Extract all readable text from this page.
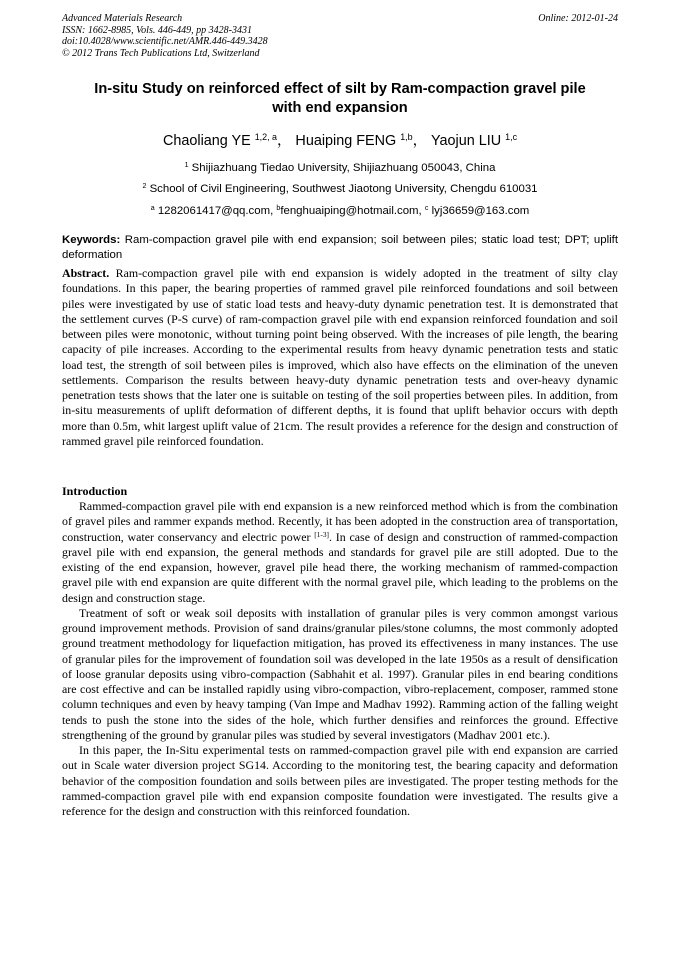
Advanced Materials Research
ISSN: 1662-8985, Vols. 446-449, pp 3428-3431
doi:10.4028/www.scientific.net/AMR.446-449.3428
© 2012 Trans Tech Publications Ltd, Switzerland
Online: 2012-01-24
In-situ Study on reinforced effect of silt by Ram-compaction gravel pile
with end expansion
Chaoliang YE $^{1,2, a}$， Huaiping FENG $^{1,b}$， Yaojun LIU $^{1,c}$
$^1$ Shijiazhuang Tiedao University, Shijiazhuang 050043, China
$^2$ School of Civil Engineering, Southwest Jiaotong University, Chengdu 610031
$^a$ 1282061417@qq.com, $^b$fenghuaiping@hotmail.com, $^c$ lyj36659@163.com
Keywords: Ram-compaction gravel pile with end expansion; soil between piles; static load test; DPT; uplift deformation
Abstract. Ram-compaction gravel pile with end expansion is widely adopted in the treatment of silty clay foundations. In this paper, the bearing properties of rammed gravel pile reinforced foundations and soil between piles were investigated by use of static load tests and heavy-duty dynamic penetration test. It is demonstrated that the settlement curves (P-S curve) of ram-compaction gravel pile with end expansion reinforced foundation and soil between piles were monotonic, without turning point being observed. With the increases of pile length, the bearing capacity of pile increases. According to the experimental results from heavy dynamic penetration tests and static load test, the strength of soil between piles is improved, which also have effects on the elimination of the uneven settlements. Comparison the results between heavy-duty dynamic penetration tests and over-heavy dynamic penetration tests shows that the later one is suitable on testing of the soil properties between piles. In addition, from in-situ measurements of uplift deformation of different depths, it is found that uplift behavior occurs with depth more than 0.5m, whit largest uplift value of 21cm. The result provides a reference for the design and construction of rammed gravel pile reinforced foundation.
Introduction

Rammed-compaction gravel pile with end expansion is a new reinforced method which is from the combination of gravel piles and rammer expands method. Recently, it has been adopted in the construction area of transportation, construction, water conservancy and electric power [1-3]. In case of design and construction of rammed-compaction gravel pile with end expansion, the general methods and standards for gravel pile are still adopted. Due to the existing of the end expansion, however, gravel pile head there, the working mechanism of rammed-compaction gravel pile with end expansion are quite different with the normal gravel pile, which leading to the problems on the design and construction stage.

Treatment of soft or weak soil deposits with installation of granular piles is very common amongst various ground improvement methods. Provision of sand drains/granular piles/stone columns, the most commonly adopted ground treatment methodology for liquefaction mitigation, has proved its effectiveness in many instances. The use of granular piles for the improvement of foundation soil was developed in the late 1950s as a result of densification of loose granular deposits using vibro-compaction (Sabhahit et al. 1997). Granular piles in end bearing conditions are cost effective and can be installed rapidly using vibro-compaction, vibro-replacement, composer, rammed stone column techniques and even by heavy tamping (Van Impe and Madhav 1992). Ramming action of the falling weight tends to push the stone into the sides of the hole, which further densifies and reinforces the ground. Effective strengthening of the ground by granular piles was studied by several investigators (Madhav 2001 etc.).

In this paper, the In-Situ experimental tests on rammed-compaction gravel pile with end expansion are carried out in Scale water diversion project SG14. According to the monitoring test, the bearing capacity and deformation behavior of the composition foundation and soils between piles are investigated. The proper testing methods for the rammed-compaction gravel pile with end expansion composite foundation were investigated. The results give a reference for the design and construction with this reinforced foundation.
